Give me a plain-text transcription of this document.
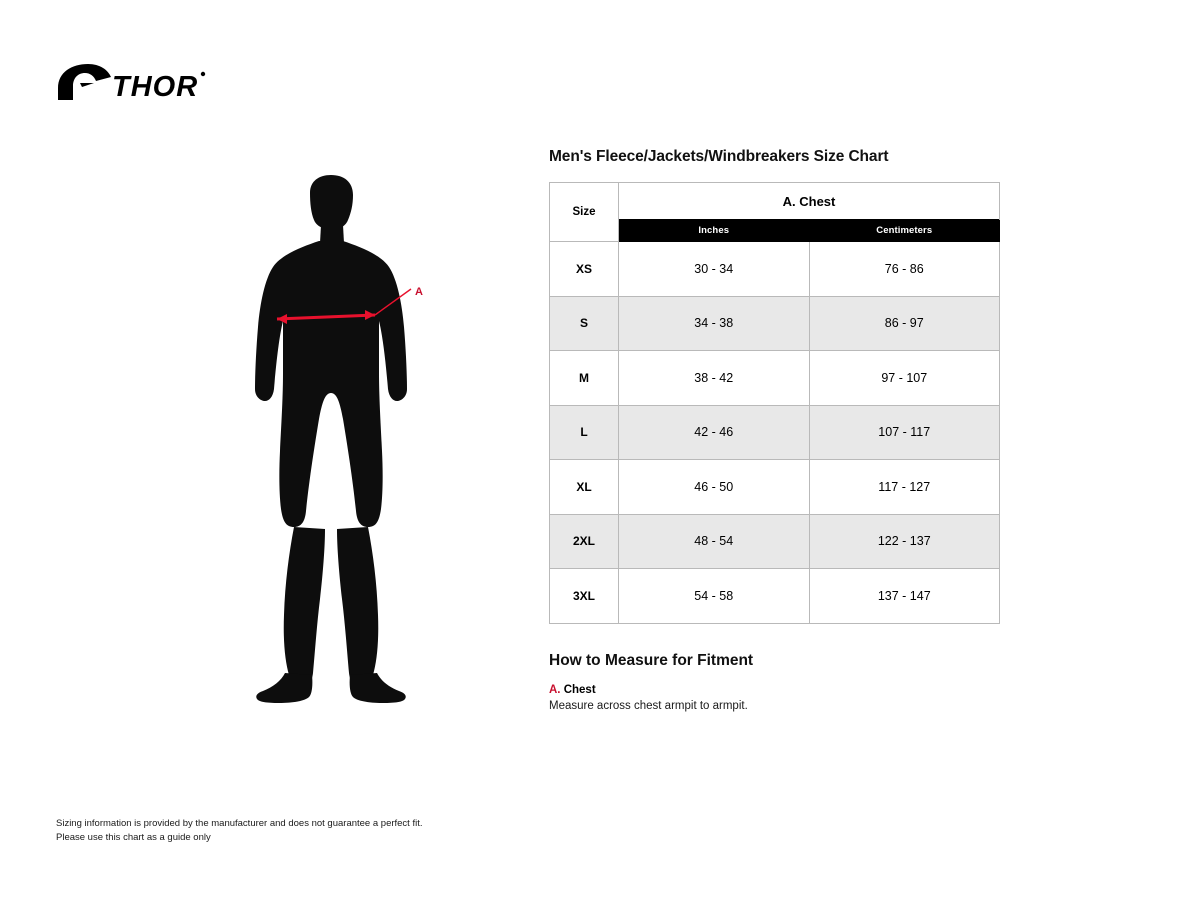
THOR
A
Men's Fleece/Jackets/Windbreakers Size Chart
Size	A. Chest	
	Inches	Centimeters
XS	30 - 34	76 - 86
S	34 - 38	86 - 97
M	38 - 42	97 - 107
L	42 - 46	107 - 117
XL	46 - 50	117 - 127
2XL	48 - 54	122 - 137
3XL	54 - 58	137 - 147
How to Measure for Fitment

A. Chest

Measure across chest armpit to armpit.

Sizing information is provided by the manufacturer and does not guarantee a perfect fit.
Please use this chart as a guide only
